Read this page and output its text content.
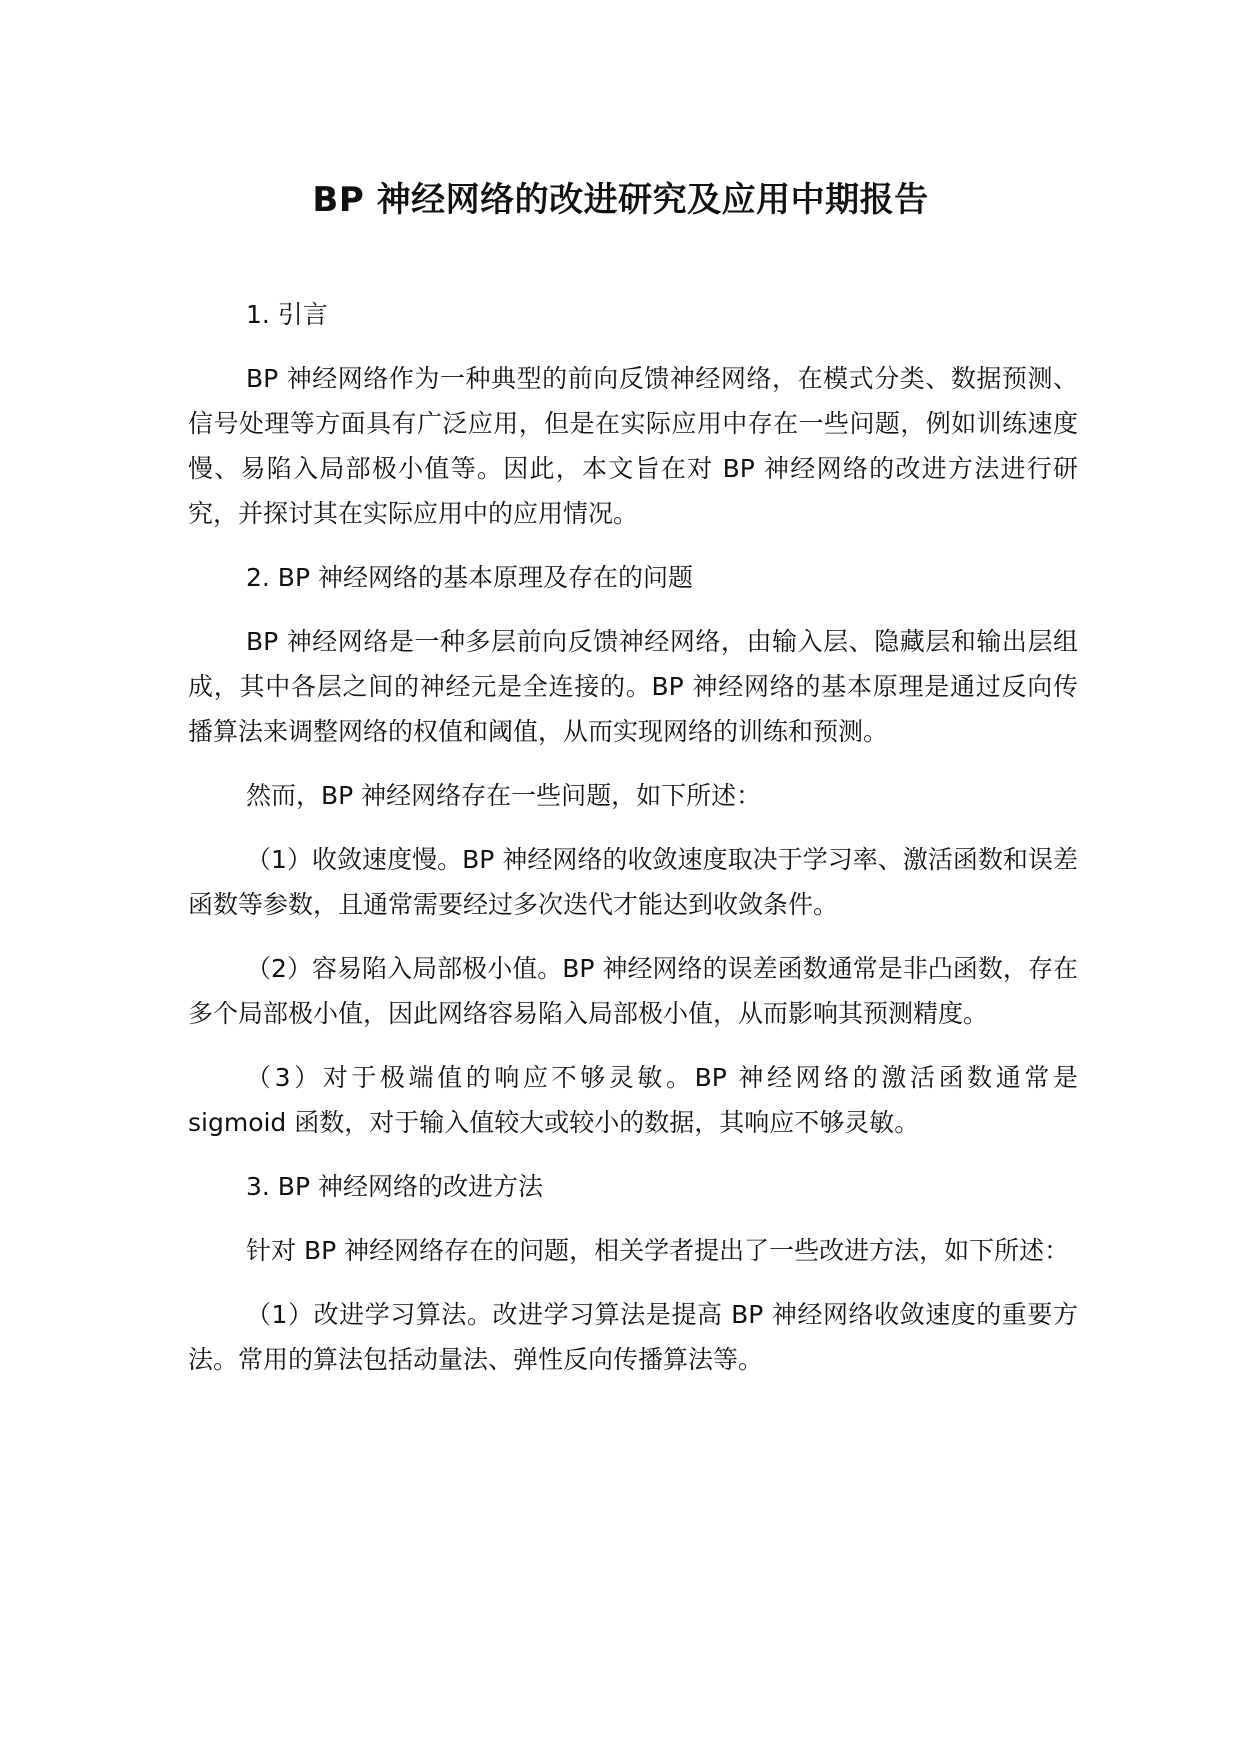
BP 神经网络的改进研究及应用中期报告

1. 引言

BP 神经网络作为一种典型的前向反馈神经网络，在模式分类、数据预测、信号处理等方面具有广泛应用，但是在实际应用中存在一些问题，例如训练速度慢、易陷入局部极小值等。因此，本文旨在对 BP 神经网络的改进方法进行研究，并探讨其在实际应用中的应用情况。

2. BP 神经网络的基本原理及存在的问题

BP 神经网络是一种多层前向反馈神经网络，由输入层、隐藏层和输出层组成，其中各层之间的神经元是全连接的。BP 神经网络的基本原理是通过反向传播算法来调整网络的权值和阈值，从而实现网络的训练和预测。

然而，BP 神经网络存在一些问题，如下所述：

（1）收敛速度慢。BP 神经网络的收敛速度取决于学习率、激活函数和误差函数等参数，且通常需要经过多次迭代才能达到收敛条件。

（2）容易陷入局部极小值。BP 神经网络的误差函数通常是非凸函数，存在多个局部极小值，因此网络容易陷入局部极小值，从而影响其预测精度。

（3）对于极端值的响应不够灵敏。BP 神经网络的激活函数通常是 sigmoid 函数，对于输入值较大或较小的数据，其响应不够灵敏。

3. BP 神经网络的改进方法

针对 BP 神经网络存在的问题，相关学者提出了一些改进方法，如下所述：

（1）改进学习算法。改进学习算法是提高 BP 神经网络收敛速度的重要方法。常用的算法包括动量法、弹性反向传播算法等。
